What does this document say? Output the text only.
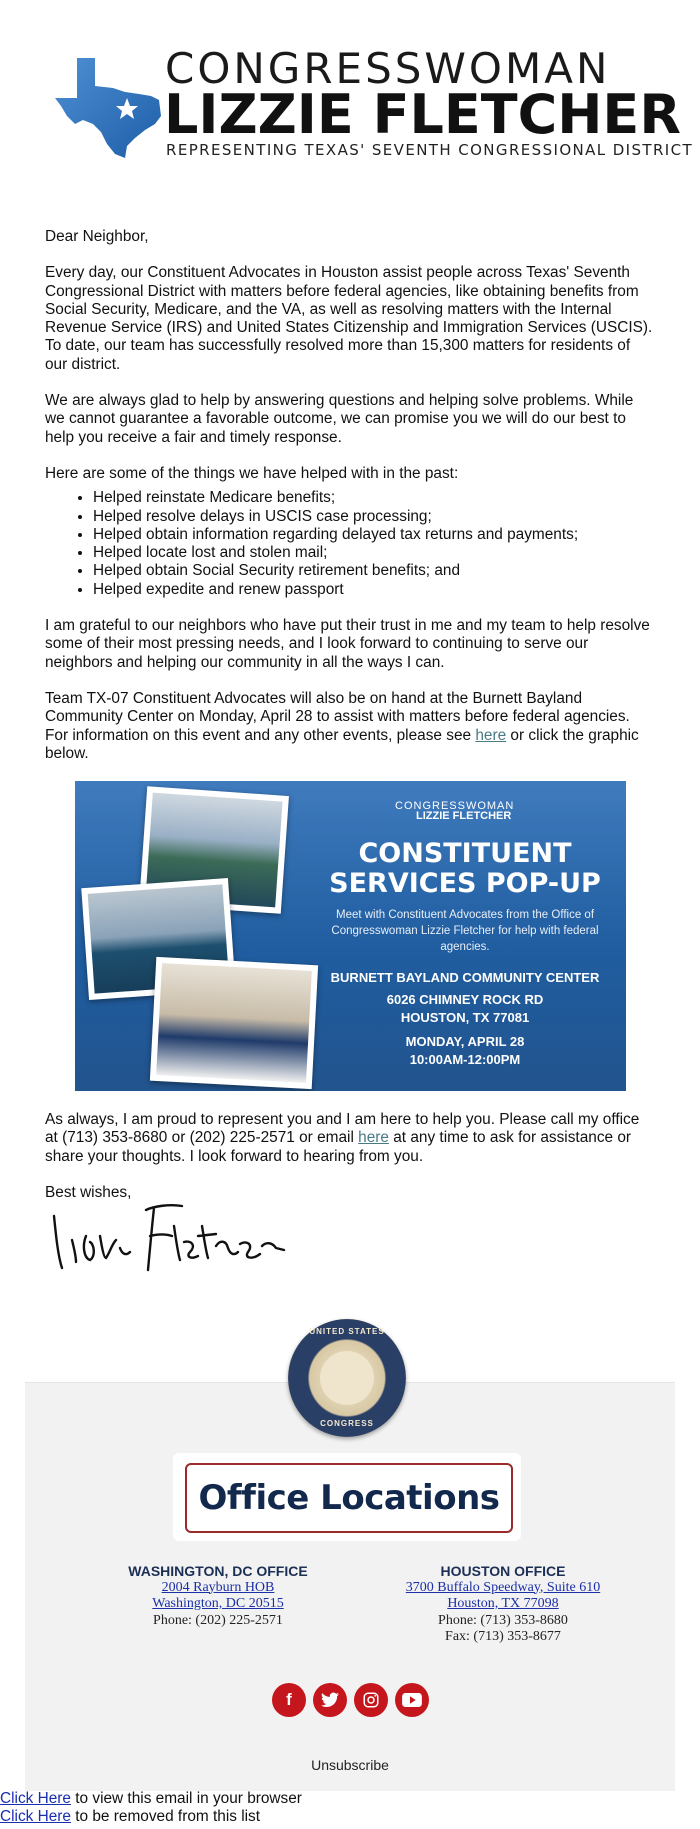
CONGRESSWOMAN
LIZZIE FLETCHER
REPRESENTING TEXAS' SEVENTH CONGRESSIONAL DISTRICT

Dear Neighbor,

Every day, our Constituent Advocates in Houston assist people across Texas' Seventh Congressional District with matters before federal agencies, like obtaining benefits from Social Security, Medicare, and the VA, as well as resolving matters with the Internal Revenue Service (IRS) and United States Citizenship and Immigration Services (USCIS). To date, our team has successfully resolved more than 15,300 matters for residents of our district.

We are always glad to help by answering questions and helping solve problems. While we cannot guarantee a favorable outcome, we can promise you we will do our best to help you receive a fair and timely response.

Here are some of the things we have helped with in the past:

• Helped reinstate Medicare benefits;
• Helped resolve delays in USCIS case processing;
• Helped obtain information regarding delayed tax returns and payments;
• Helped locate lost and stolen mail;
• Helped obtain Social Security retirement benefits; and
• Helped expedite and renew passport

I am grateful to our neighbors who have put their trust in me and my team to help resolve some of their most pressing needs, and I look forward to continuing to serve our neighbors and helping our community in all the ways I can.

Team TX-07 Constituent Advocates will also be on hand at the Burnett Bayland Community Center on Monday, April 28 to assist with matters before federal agencies. For information on this event and any other events, please see here or click the graphic below.

CONGRESSWOMAN
LIZZIE FLETCHER
CONSTITUENT
SERVICES POP-UP
Meet with Constituent Advocates from the Office of Congresswoman Lizzie Fletcher for help with federal agencies.
BURNETT BAYLAND COMMUNITY CENTER
6026 CHIMNEY ROCK RD
HOUSTON, TX 77081
MONDAY, APRIL 28
10:00AM-12:00PM

As always, I am proud to represent you and I am here to help you. Please call my office at (713) 353-8680 or (202) 225-2571 or email here at any time to ask for assistance or share your thoughts. I look forward to hearing from you.

Best wishes,

UNITED STATES
CONGRESS
Office Locations
WASHINGTON, DC OFFICE
2004 Rayburn HOB
Washington, DC 20515
Phone: (202) 225-2571
HOUSTON OFFICE
3700 Buffalo Speedway, Suite 610
Houston, TX 77098
Phone: (713) 353-8680
Fax: (713) 353-8677
f
Unsubscribe
Click Here to view this email in your browser
Click Here to be removed from this list
